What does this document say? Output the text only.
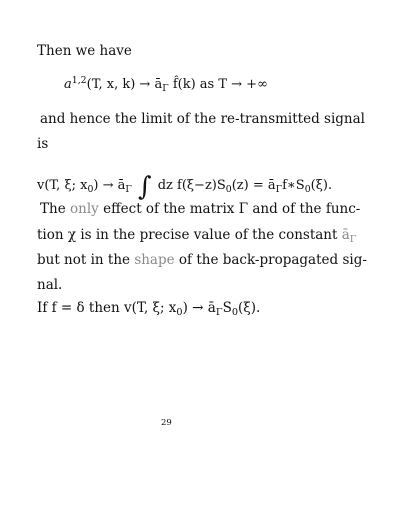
Then we have
$a^{1,2}(T$, x, $k) \to ā_\Gamma$ f̂(k) as T → +∞
and hence the limit of the re-transmitted signal
is
v(T, ξ; $x_0$) → $ā_\Gamma$ ∫ dz $f(\xi-z)S_0(z)$ = $ā_\Gamma f∗S_0(\xi)$.
The only effect of the matrix Γ and of the func-
tion χ is in the precise value of the constant $ā_\Gamma$
but not in the shape of the back-propagated sig-
nal.
If f = δ then v(T, ξ; $x_0$) → $ā_\Gamma S_0(\xi)$.
29
